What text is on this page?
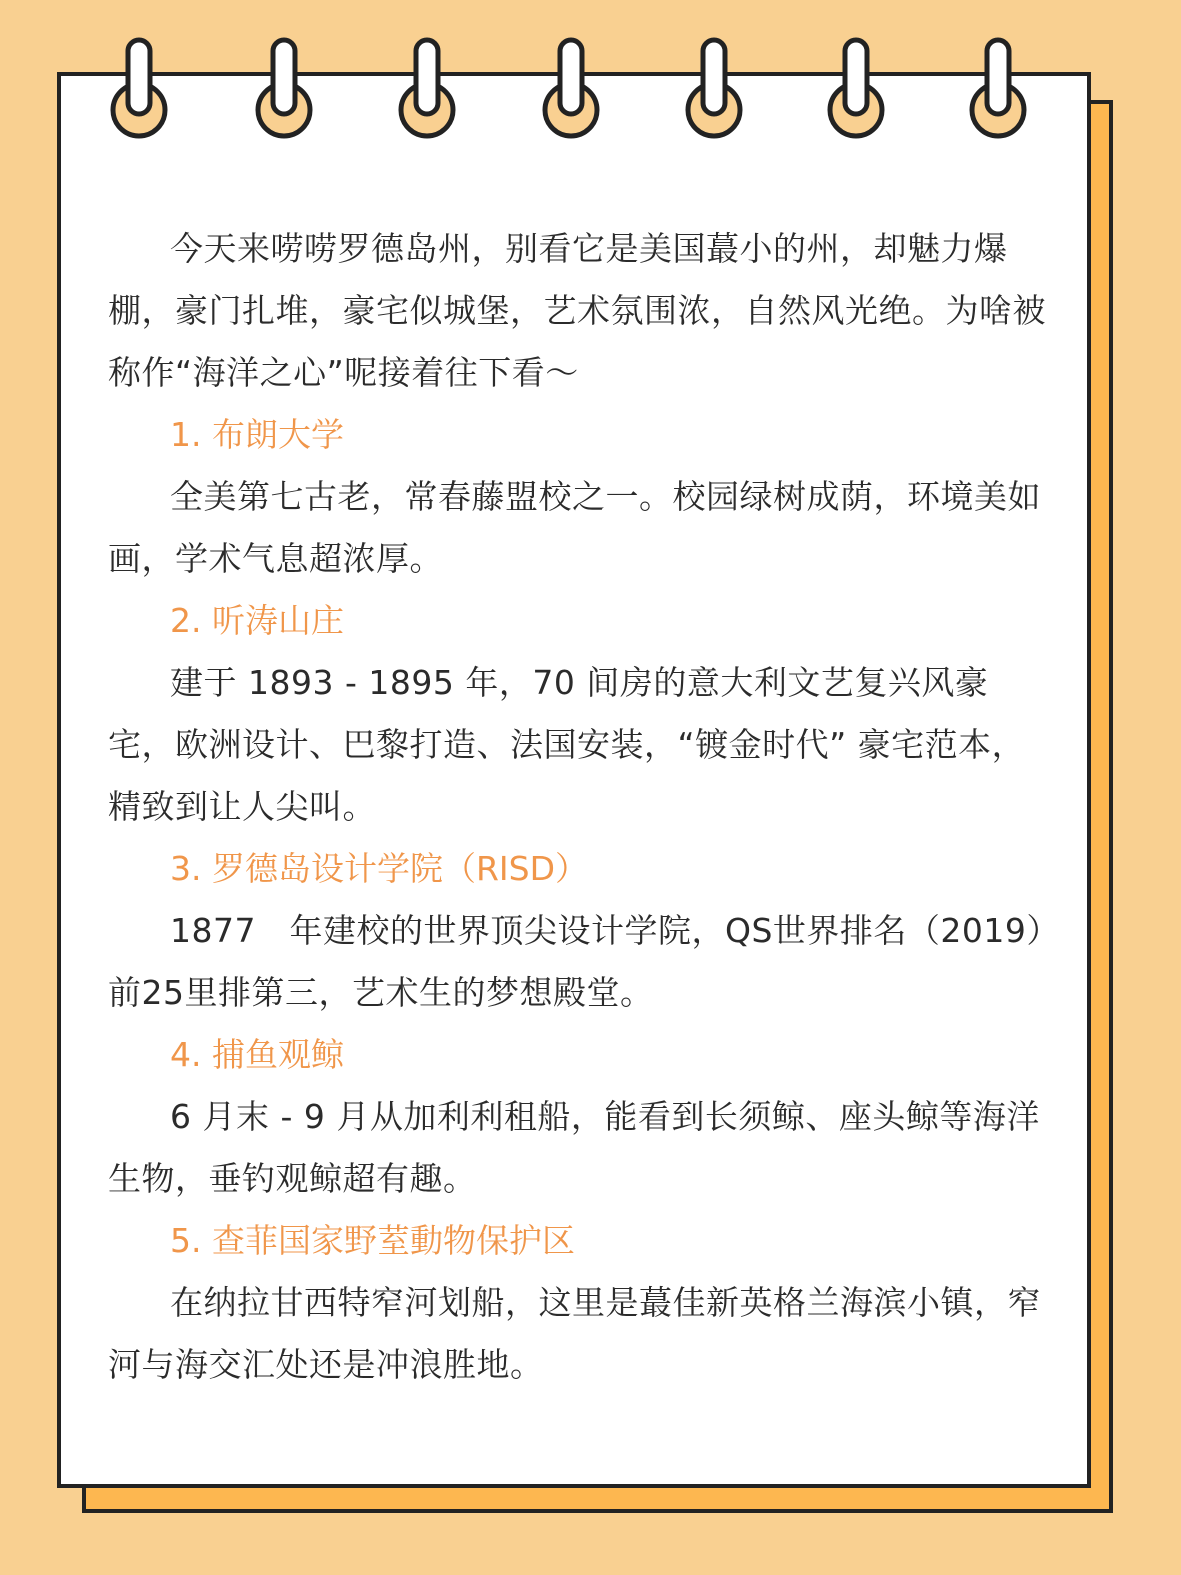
今天来唠唠罗德岛州，别看它是美国蕞小的州，却魅力爆棚，豪门扎堆，豪宅似城堡，艺术氛围浓，自然风光绝。为啥被称作“海洋之心”呢接着往下看～

1. 布朗大学

全美第七古老，常春藤盟校之一。校园绿树成荫，环境美如画，学术气息超浓厚。

2. 听涛山庄

建于 1893 - 1895 年，70 间房的意大利文艺复兴风豪宅，欧洲设计、巴黎打造、法国安装，“镀金时代” 豪宅范本，精致到让人尖叫。

3. 罗德岛设计学院（RISD）

1877　年建校的世界顶尖设计学院，QS世界排名（2019）前25里排第三，艺术生的梦想殿堂。

4. 捕鱼观鲸

6 月末 - 9 月从加利利租船，能看到长须鲸、座头鲸等海洋生物，垂钓观鲸超有趣。

5. 查菲国家野荎動物保护区

在纳拉甘西特窄河划船，这里是蕞佳新英格兰海滨小镇，窄河与海交汇处还是冲浪胜地。
